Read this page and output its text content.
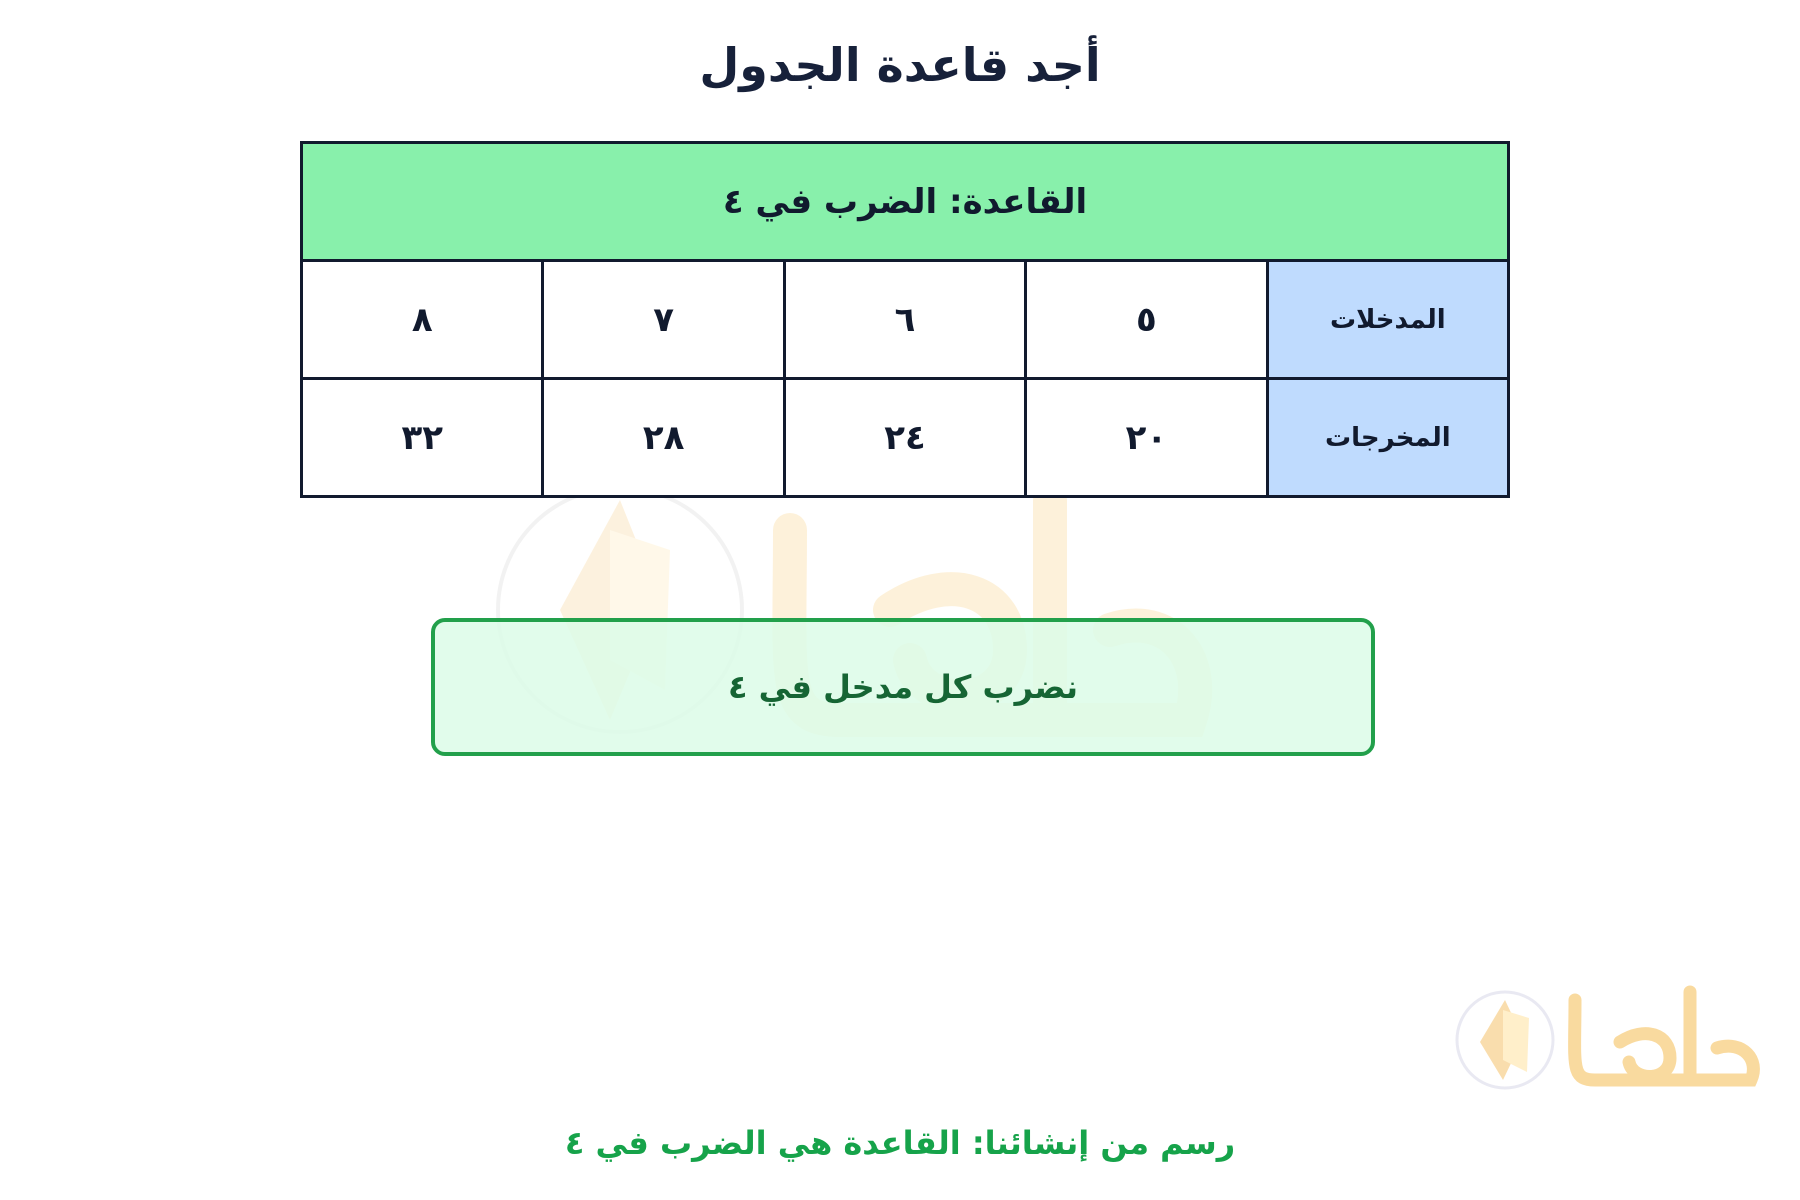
أجد قاعدة الجدول
القاعدة: الضرب في ٤				
المدخلات	٥	٦	٧	٨
المخرجات	٢٠	٢٤	٢٨	٣٢
نضرب كل مدخل في ٤
رسم من إنشائنا: القاعدة هي الضرب في ٤
